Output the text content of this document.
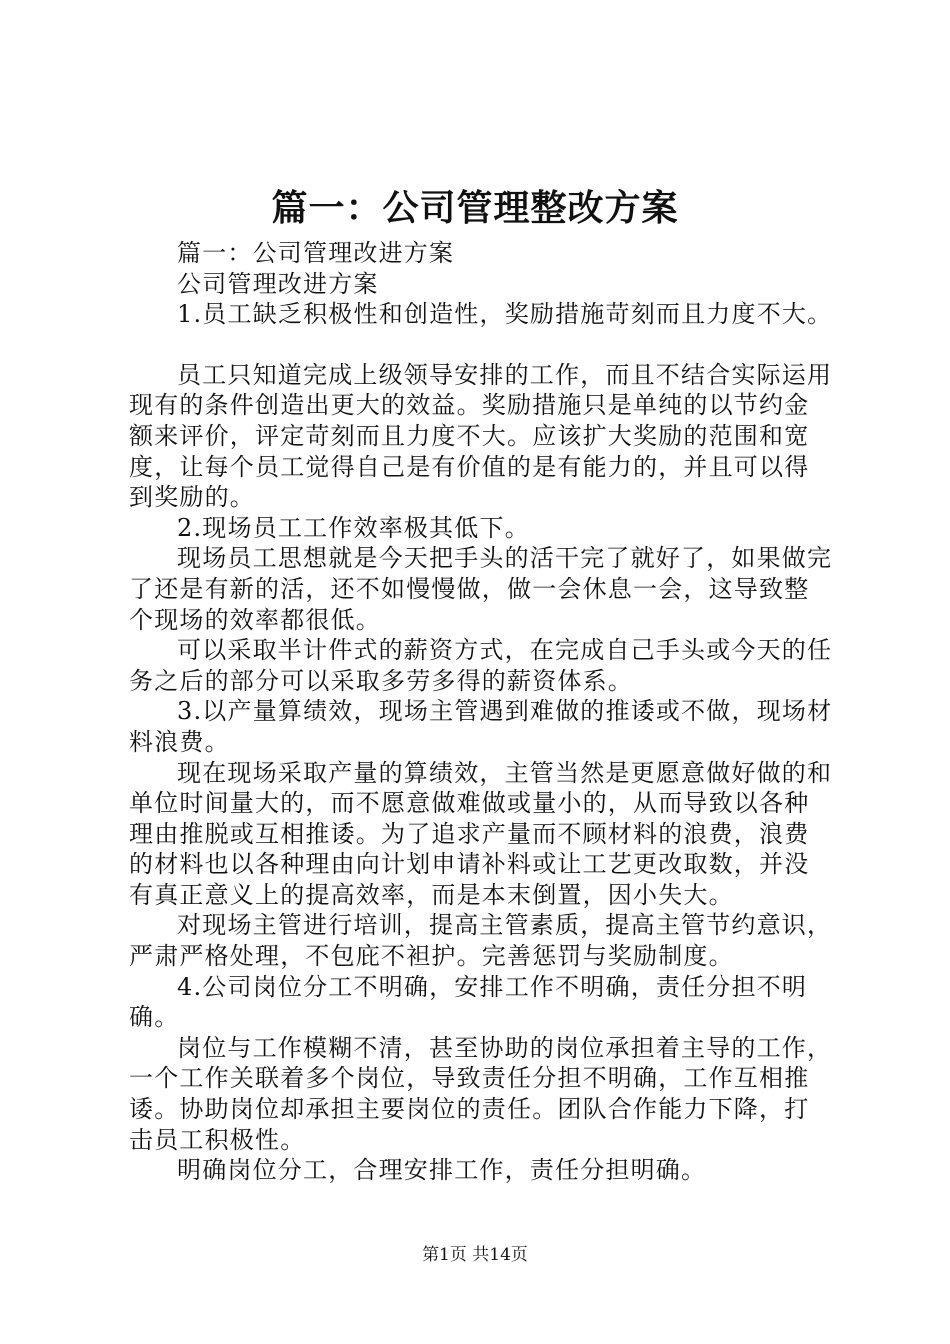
篇一：公司管理整改方案

篇一：公司管理改进方案

公司管理改进方案

1.员工缺乏积极性和创造性，奖励措施苛刻而且力度不大。

员工只知道完成上级领导安排的工作，而且不结合实际运用现有的条件创造出更大的效益。奖励措施只是单纯的以节约金额来评价，评定苛刻而且力度不大。应该扩大奖励的范围和宽度，让每个员工觉得自己是有价值的是有能力的，并且可以得到奖励的。

2.现场员工工作效率极其低下。

现场员工思想就是今天把手头的活干完了就好了，如果做完了还是有新的活，还不如慢慢做，做一会休息一会，这导致整个现场的效率都很低。

可以采取半计件式的薪资方式，在完成自己手头或今天的任务之后的部分可以采取多劳多得的薪资体系。

3.以产量算绩效，现场主管遇到难做的推诿或不做，现场材料浪费。

现在现场采取产量的算绩效，主管当然是更愿意做好做的和单位时间量大的，而不愿意做难做或量小的，从而导致以各种理由推脱或互相推诿。为了追求产量而不顾材料的浪费，浪费的材料也以各种理由向计划申请补料或让工艺更改取数，并没有真正意义上的提高效率，而是本末倒置，因小失大。

对现场主管进行培训，提高主管素质，提高主管节约意识，严肃严格处理，不包庇不袒护。完善惩罚与奖励制度。

4.公司岗位分工不明确，安排工作不明确，责任分担不明确。

岗位与工作模糊不清，甚至协助的岗位承担着主导的工作，一个工作关联着多个岗位，导致责任分担不明确，工作互相推诿。协助岗位却承担主要岗位的责任。团队合作能力下降，打击员工积极性。

明确岗位分工，合理安排工作，责任分担明确。

第1页 共14页
